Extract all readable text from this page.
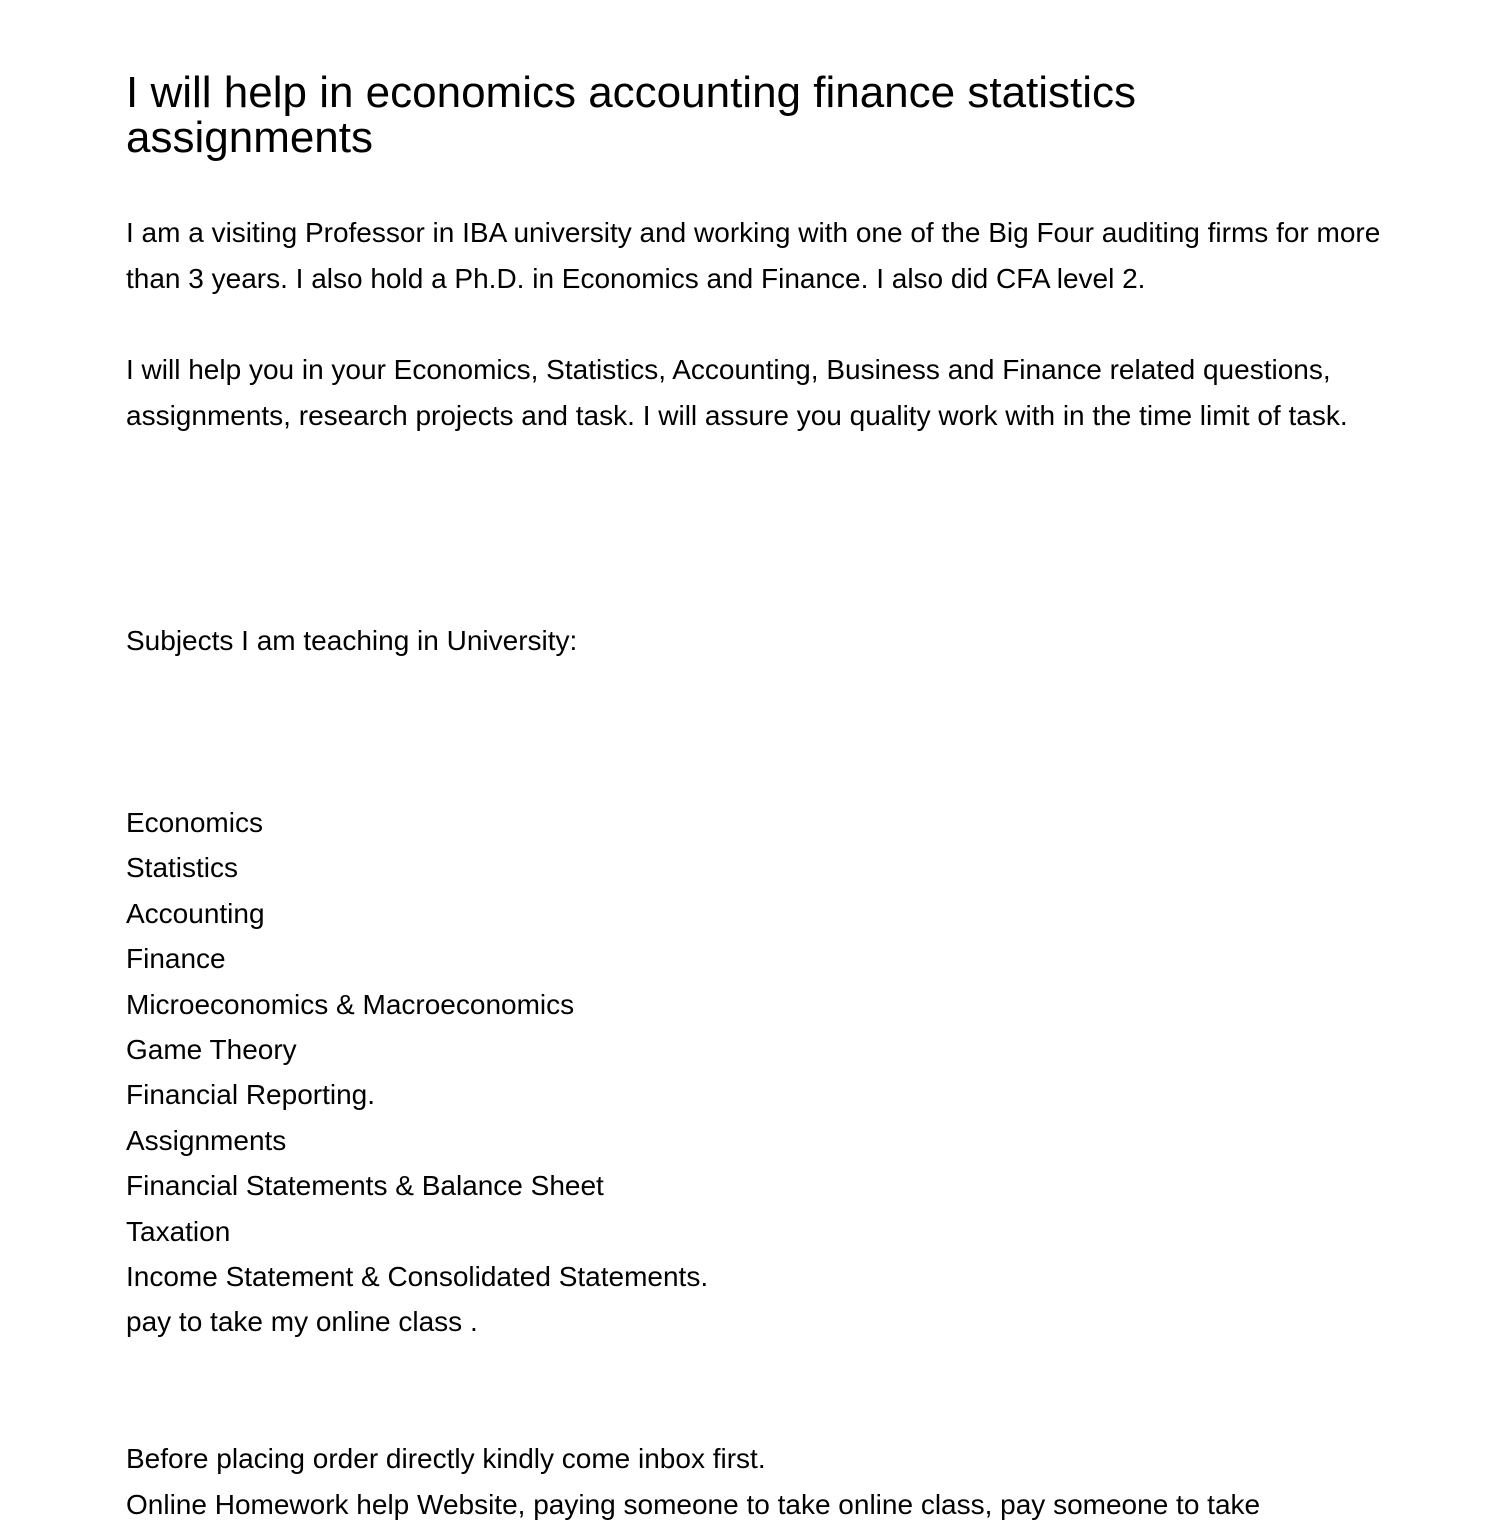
I will help in economics accounting finance statistics assignments

I am a visiting Professor in IBA university and working with one of the Big Four auditing firms for more than 3 years. I also hold a Ph.D. in Economics and Finance. I also did CFA level 2.

I will help you in your Economics, Statistics, Accounting, Business and Finance related questions, assignments, research projects and task. I will assure you quality work with in the time limit of task.

Subjects I am teaching in University:

Economics
Statistics
Accounting
Finance
Microeconomics & Macroeconomics
Game Theory
Financial Reporting.
Assignments
Financial Statements & Balance Sheet
Taxation
Income Statement & Consolidated Statements.
pay to take my online class .
Before placing order directly kindly come inbox first.
Online Homework help Website, paying someone to take online class, pay someone to take
